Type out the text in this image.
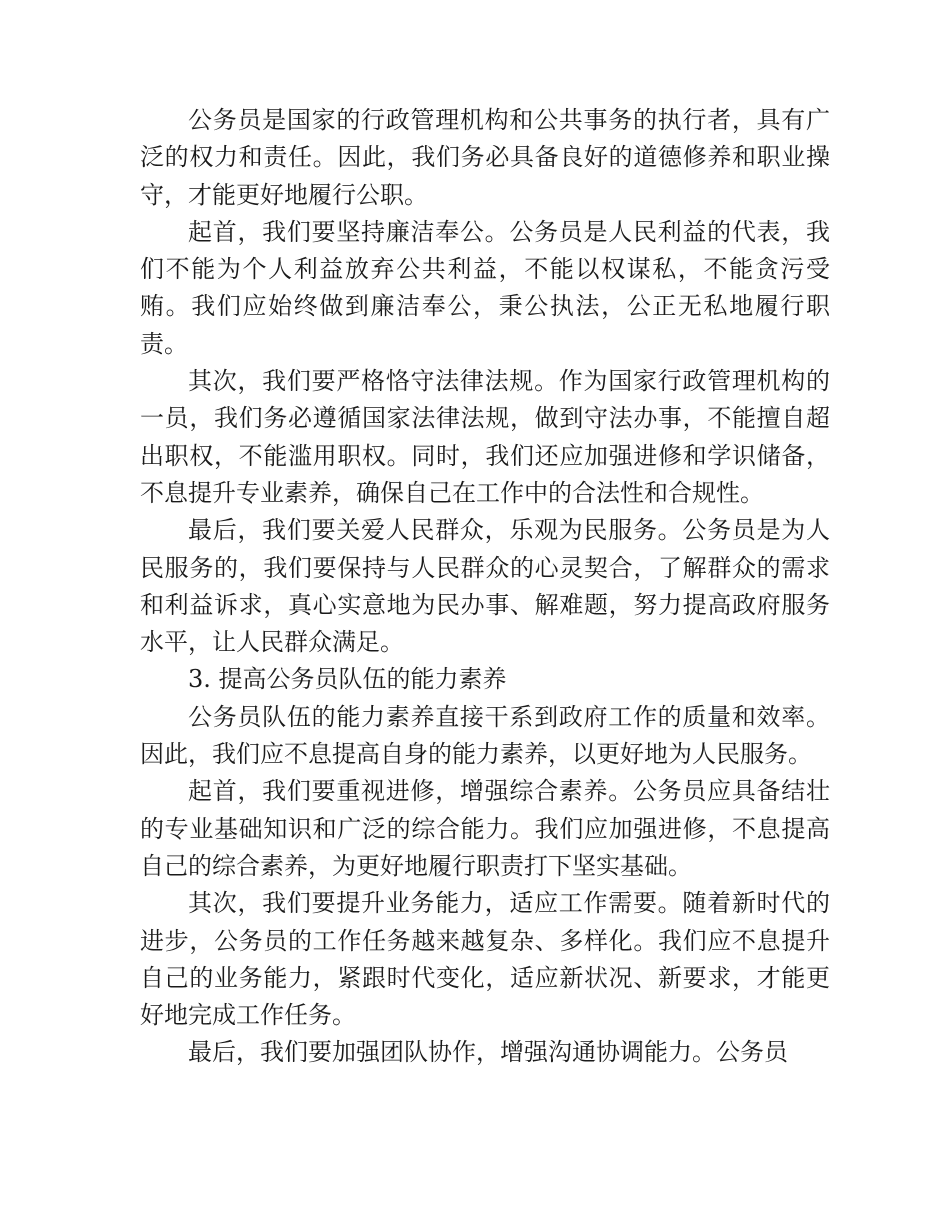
公务员是国家的行政管理机构和公共事务的执行者，具有广泛的权力和责任。因此，我们务必具备良好的道德修养和职业操守，才能更好地履行公职。

起首，我们要坚持廉洁奉公。公务员是人民利益的代表，我们不能为个人利益放弃公共利益，不能以权谋私，不能贪污受贿。我们应始终做到廉洁奉公，秉公执法，公正无私地履行职责。

其次，我们要严格恪守法律法规。作为国家行政管理机构的一员，我们务必遵循国家法律法规，做到守法办事，不能擅自超出职权，不能滥用职权。同时，我们还应加强进修和学识储备，不息提升专业素养，确保自己在工作中的合法性和合规性。

最后，我们要关爱人民群众，乐观为民服务。公务员是为人民服务的，我们要保持与人民群众的心灵契合，了解群众的需求和利益诉求，真心实意地为民办事、解难题，努力提高政府服务水平，让人民群众满足。

3. 提高公务员队伍的能力素养

公务员队伍的能力素养直接干系到政府工作的质量和效率。因此，我们应不息提高自身的能力素养，以更好地为人民服务。

起首，我们要重视进修，增强综合素养。公务员应具备结壮的专业基础知识和广泛的综合能力。我们应加强进修，不息提高自己的综合素养，为更好地履行职责打下坚实基础。

其次，我们要提升业务能力，适应工作需要。随着新时代的进步，公务员的工作任务越来越复杂、多样化。我们应不息提升自己的业务能力，紧跟时代变化，适应新状况、新要求，才能更好地完成工作任务。

最后，我们要加强团队协作，增强沟通协调能力。公务员
